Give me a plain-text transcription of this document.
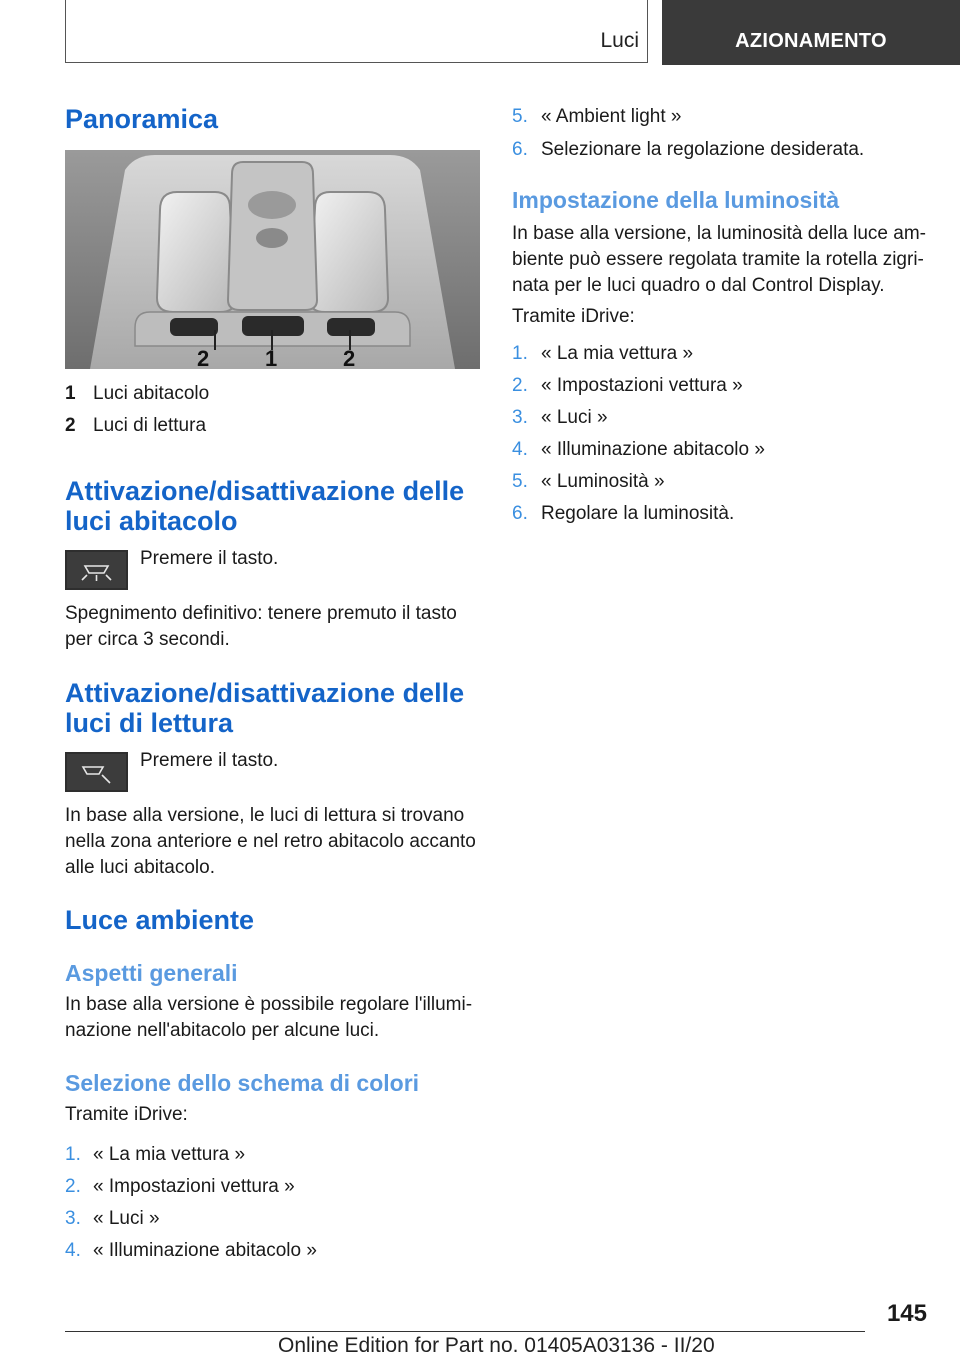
Luci	AZIONAMENTO
Panoramica
2	1	2
1 Luci abitacolo
2 Luci di lettura
Attivazione/disattivazione delle
luci abitacolo
Premere il tasto.
Spegnimento definitivo: tenere premuto il tasto
per circa 3 secondi.
Attivazione/disattivazione delle
luci di lettura
Premere il tasto.
In base alla versione, le luci di lettura si trovano
nella zona anteriore e nel retro abitacolo accanto
alle luci abitacolo.
Luce ambiente
Aspetti generali
In base alla versione è possibile regolare l'illumi-
nazione nell'abitacolo per alcune luci.
Selezione dello schema di colori
Tramite iDrive:
1. « La mia vettura »
2. « Impostazioni vettura »
3. « Luci »
4. « Illuminazione abitacolo »
5. « Ambient light »
6. Selezionare la regolazione desiderata.
Impostazione della luminosità
In base alla versione, la luminosità della luce am-
biente può essere regolata tramite la rotella zigri-
nata per le luci quadro o dal Control Display.
Tramite iDrive:
1. « La mia vettura »
2. « Impostazioni vettura »
3. « Luci »
4. « Illuminazione abitacolo »
5. « Luminosità »
6. Regolare la luminosità.
145
Online Edition for Part no. 01405A03136 - II/20
